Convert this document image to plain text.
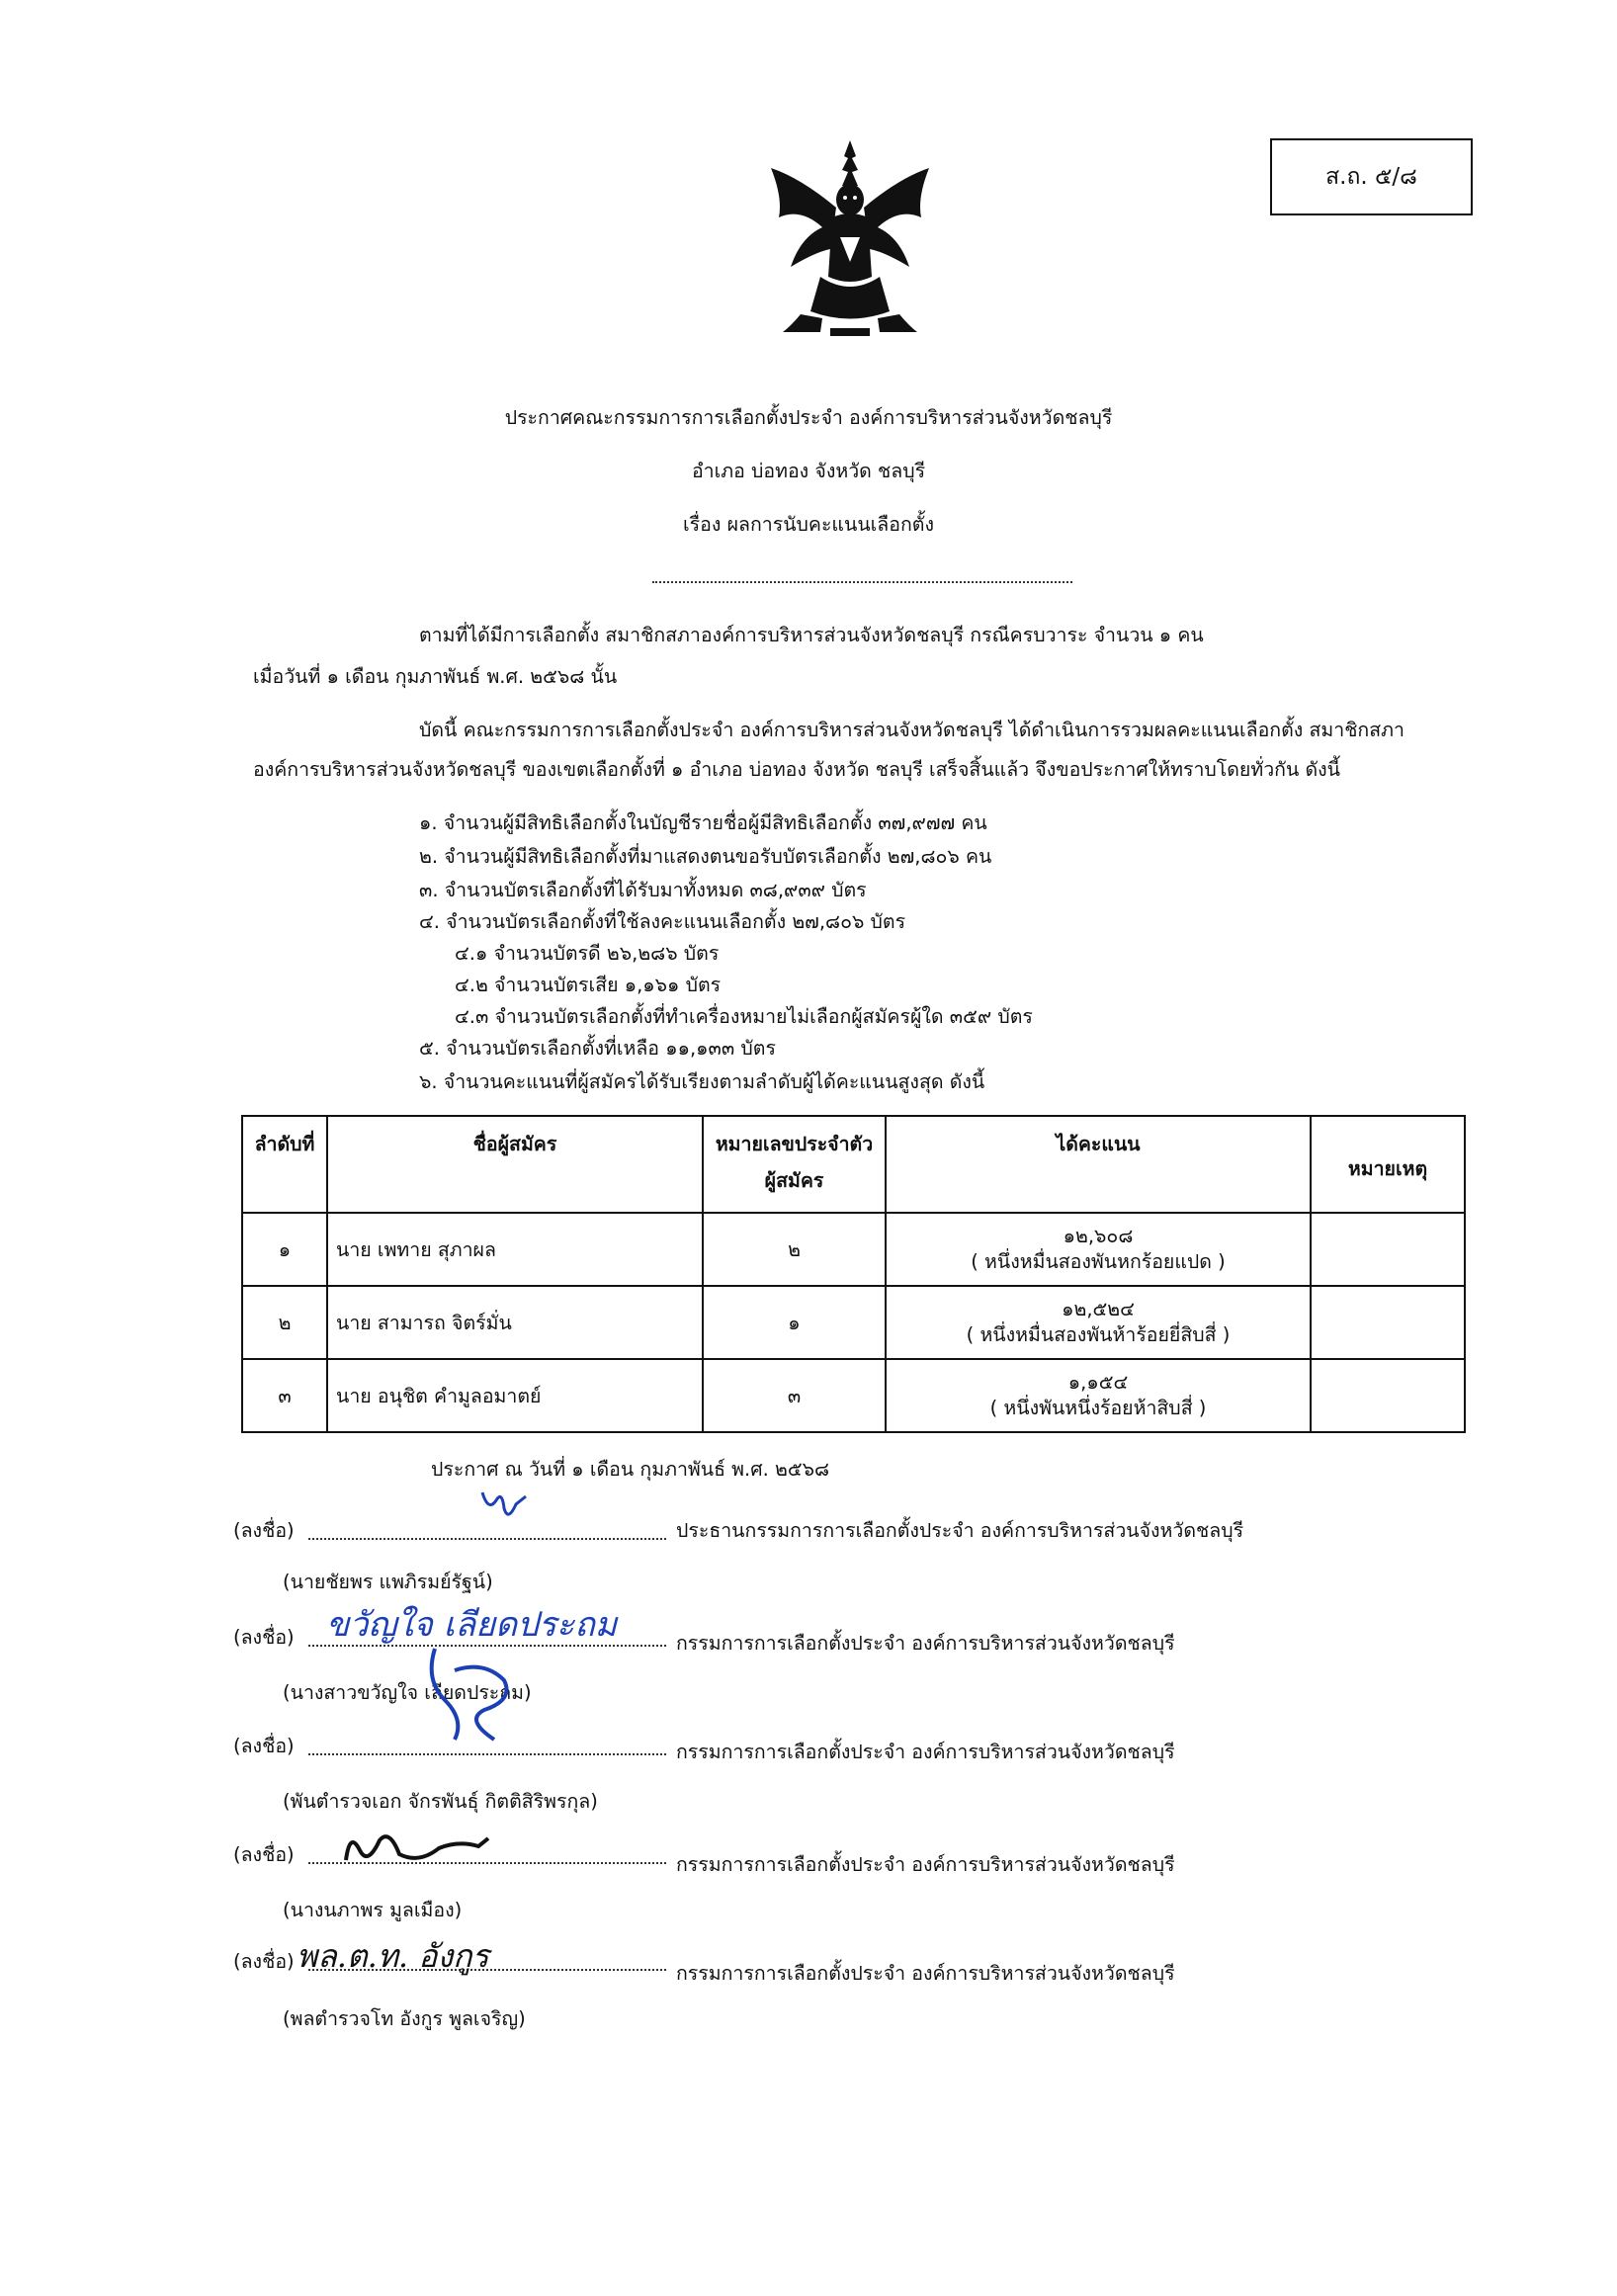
ส.ถ. ๕/๘
ประกาศคณะกรรมการการเลือกตั้งประจำ องค์การบริหารส่วนจังหวัดชลบุรี
อำเภอ บ่อทอง จังหวัด ชลบุรี
เรื่อง ผลการนับคะแนนเลือกตั้ง
ตามที่ได้มีการเลือกตั้ง สมาชิกสภาองค์การบริหารส่วนจังหวัดชลบุรี กรณีครบวาระ จำนวน ๑ คน
เมื่อวันที่ ๑ เดือน กุมภาพันธ์ พ.ศ. ๒๕๖๘ นั้น
บัดนี้ คณะกรรมการการเลือกตั้งประจำ องค์การบริหารส่วนจังหวัดชลบุรี ได้ดำเนินการรวมผลคะแนนเลือกตั้ง สมาชิกสภา
องค์การบริหารส่วนจังหวัดชลบุรี ของเขตเลือกตั้งที่ ๑ อำเภอ บ่อทอง จังหวัด ชลบุรี เสร็จสิ้นแล้ว จึงขอประกาศให้ทราบโดยทั่วกัน ดังนี้
๑. จำนวนผู้มีสิทธิเลือกตั้งในบัญชีรายชื่อผู้มีสิทธิเลือกตั้ง ๓๗,๙๗๗ คน
๒. จำนวนผู้มีสิทธิเลือกตั้งที่มาแสดงตนขอรับบัตรเลือกตั้ง ๒๗,๘๐๖ คน
๓. จำนวนบัตรเลือกตั้งที่ได้รับมาทั้งหมด ๓๘,๙๓๙ บัตร
๔. จำนวนบัตรเลือกตั้งที่ใช้ลงคะแนนเลือกตั้ง ๒๗,๘๐๖ บัตร
๔.๑ จำนวนบัตรดี ๒๖,๒๘๖ บัตร
๔.๒ จำนวนบัตรเสีย ๑,๑๖๑ บัตร
๔.๓ จำนวนบัตรเลือกตั้งที่ทำเครื่องหมายไม่เลือกผู้สมัครผู้ใด ๓๕๙ บัตร
๕. จำนวนบัตรเลือกตั้งที่เหลือ ๑๑,๑๓๓ บัตร
๖. จำนวนคะแนนที่ผู้สมัครได้รับเรียงตามลำดับผู้ได้คะแนนสูงสุด ดังนี้
ลำดับที่	ชื่อผู้สมัคร	หมายเลขประจำตัว
ผู้สมัคร	ได้คะแนน	หมายเหตุ
๑	นาย เพทาย สุภาผล	๒	๑๒,๖๐๘
( หนึ่งหมื่นสองพันหกร้อยแปด )	

๒	นาย สามารถ จิตร์มั่น	๑	๑๒,๕๒๔
( หนึ่งหมื่นสองพันห้าร้อยยี่สิบสี่ )	

๓	นาย อนุชิต คำมูลอมาตย์	๓	๑,๑๕๔
( หนึ่งพันหนึ่งร้อยห้าสิบสี่ )	

ประกาศ ณ วันที่ ๑ เดือน กุมภาพันธ์ พ.ศ. ๒๕๖๘
(ลงชื่อ)	ประธานกรรมการการเลือกตั้งประจำ องค์การบริหารส่วนจังหวัดชลบุรี
(นายชัยพร แพภิรมย์รัฐน์)
(ลงชื่อ)	กรรมการการเลือกตั้งประจำ องค์การบริหารส่วนจังหวัดชลบุรี
(นางสาวขวัญใจ เลียดประถม)
ขวัญใจ เลียดประถม
(ลงชื่อ)	กรรมการการเลือกตั้งประจำ องค์การบริหารส่วนจังหวัดชลบุรี
(พันตำรวจเอก จักรพันธุ์ กิตติสิริพรกุล)
(ลงชื่อ)	กรรมการการเลือกตั้งประจำ องค์การบริหารส่วนจังหวัดชลบุรี
(นางนภาพร มูลเมือง)
(ลงชื่อ)
กรรมการการเลือกตั้งประจำ องค์การบริหารส่วนจังหวัดชลบุรี
(พลตำรวจโท อังกูร พูลเจริญ)
พล.ต.ท. อังกูร
